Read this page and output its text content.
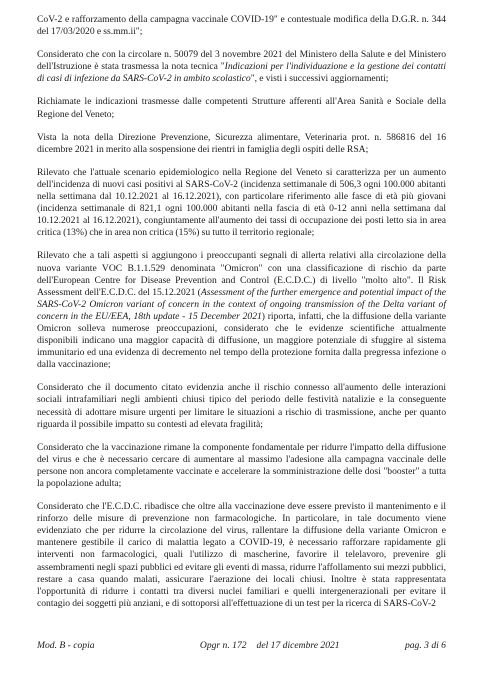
CoV-2 e rafforzamento della campagna vaccinale COVID-19" e contestuale modifica della D.G.R. n. 344 del 17/03/2020 e ss.mm.ii";

Considerato che con la circolare n. 50079 del 3 novembre 2021 del Ministero della Salute e del Ministero dell'Istruzione è stata trasmessa la nota tecnica "Indicazioni per l'individuazione e la gestione dei contatti di casi di infezione da SARS-CoV-2 in ambito scolastico", e visti i successivi aggiornamenti;

Richiamate le indicazioni trasmesse dalle competenti Strutture afferenti all'Area Sanità e Sociale della Regione del Veneto;

Vista la nota della Direzione Prevenzione, Sicurezza alimentare, Veterinaria prot. n. 586816 del 16 dicembre 2021 in merito alla sospensione dei rientri in famiglia degli ospiti delle RSA;

Rilevato che l'attuale scenario epidemiologico nella Regione del Veneto si caratterizza per un aumento dell'incidenza di nuovi casi positivi al SARS-CoV-2 (incidenza settimanale di 506,3 ogni 100.000 abitanti nella settimana dal 10.12.2021 al 16.12.2021), con particolare riferimento alle fasce di età più giovani (incidenza settimanale di 821,1 ogni 100.000 abitanti nella fascia di età 0-12 anni nella settimana dal 10.12.2021 al 16.12.2021), congiuntamente all'aumento dei tassi di occupazione dei posti letto sia in area critica (13%) che in area non critica (15%) su tutto il territorio regionale;

Rilevato che a tali aspetti si aggiungono i preoccupanti segnali di allerta relativi alla circolazione della nuova variante VOC B.1.1.529 denominata "Omicron" con una classificazione di rischio da parte dell'European Centre for Disease Prevention and Control (E.C.D.C.) di livello "molto alto". Il Risk Assessment dell'E.C.D.C. del 15.12.2021 (Assessment of the further emergence and potential impact of the SARS-CoV-2 Omicron variant of concern in the context of ongoing transmission of the Delta variant of concern in the EU/EEA, 18th update - 15 December 2021) riporta, infatti, che la diffusione della variante Omicron solleva numerose preoccupazioni, considerato che le evidenze scientifiche attualmente disponibili indicano una maggior capacità di diffusione, un maggiore potenziale di sfuggire al sistema immunitario ed una evidenza di decremento nel tempo della protezione fornita dalla pregressa infezione o dalla vaccinazione;

Considerato che il documento citato evidenzia anche il rischio connesso all'aumento delle interazioni sociali intrafamiliari negli ambienti chiusi tipico del periodo delle festività natalizie e la conseguente necessità di adottare misure urgenti per limitare le situazioni a rischio di trasmissione, anche per quanto riguarda il possibile impatto su contesti ad elevata fragilità;

Considerato che la vaccinazione rimane la componente fondamentale per ridurre l'impatto della diffusione del virus e che è necessario cercare di aumentare al massimo l'adesione alla campagna vaccinale delle persone non ancora completamente vaccinate e accelerare la somministrazione delle dosi "booster" a tutta la popolazione adulta;

Considerato che l'E.C.D.C. ribadisce che oltre alla vaccinazione deve essere previsto il mantenimento e il rinforzo delle misure di prevenzione non farmacologiche. In particolare, in tale documento viene evidenziato che per ridurre la circolazione del virus, rallentare la diffusione della variante Omicron e mantenere gestibile il carico di malattia legato a COVID-19, è necessario rafforzare rapidamente gli interventi non farmacologici, quali l'utilizzo di mascherine, favorire il telelavoro, prevenire gli assembramenti negli spazi pubblici ed evitare gli eventi di massa, ridurre l'affollamento sui mezzi pubblici, restare a casa quando malati, assicurare l'aerazione dei locali chiusi. Inoltre è stata rappresentata l'opportunità di ridurre i contatti tra diversi nuclei familiari e quelli intergenerazionali per evitare il contagio dei soggetti più anziani, e di sottoporsi all'effettuazione di un test per la ricerca di SARS-CoV-2

Mod. B - copia	Opgr n. 172 del 17 dicembre 2021	pag. 3 di 6
